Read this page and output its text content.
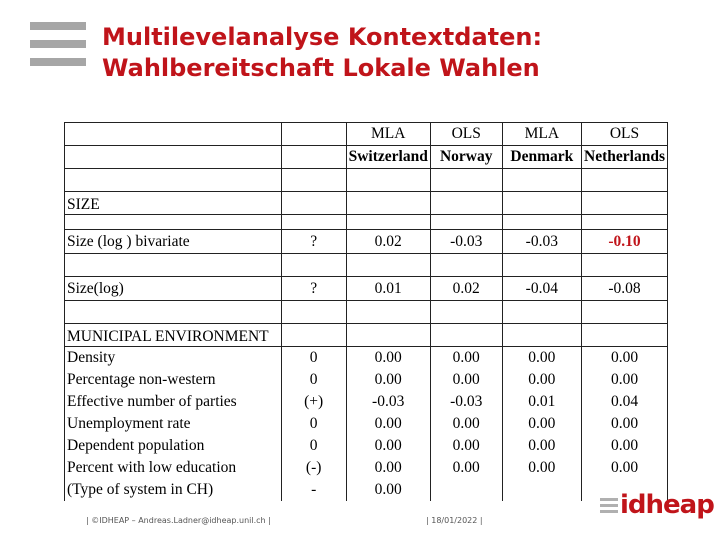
Multilevelanalyse Kontextdaten:
Wahlbereitschaft Lokale Wahlen
		MLA	OLS	MLA	OLS
		Switzerland	Norway	Denmark	Netherlands

SIZE					

Size (log ) bivariate	?	0.02	-0.03	-0.03	-0.10

Size(log)	?	0.01	0.02	-0.04	-0.08

MUNICIPAL ENVIRONMENT					
Density	0	0.00	0.00	0.00	0.00
Percentage non-western	0	0.00	0.00	0.00	0.00
Effective number of parties	(+)	-0.03	-0.03	0.01	0.04
Unemployment rate	0	0.00	0.00	0.00	0.00
Dependent population	0	0.00	0.00	0.00	0.00
Percent with low education	(-)	0.00	0.00	0.00	0.00
(Type of system in CH)	-	0.00			
| ©IDHEAP – Andreas.Ladner@idheap.unil.ch |	| 18/01/2022 |
idheap
